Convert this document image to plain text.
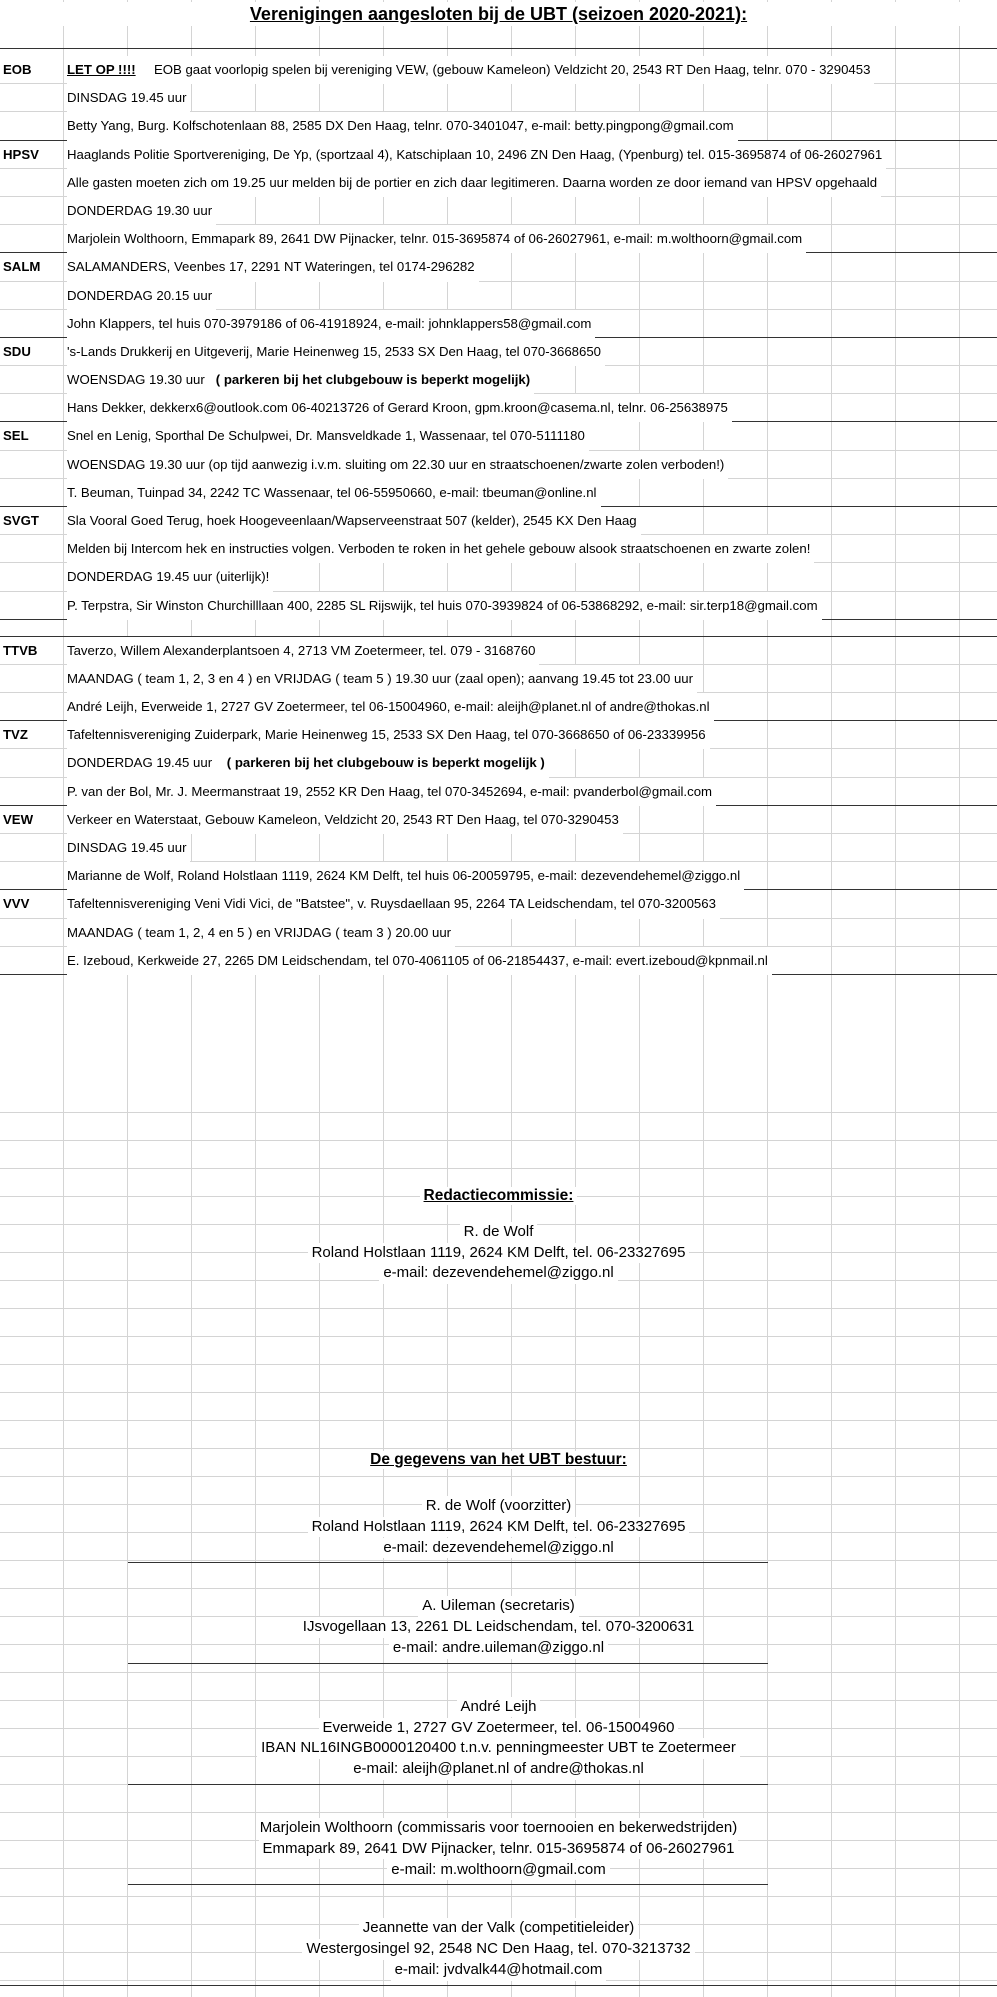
Verenigingen aangesloten bij de UBT (seizoen 2020-2021):
EOB	LET OP !!!! EOB gaat voorlopig spelen bij vereniging VEW, (gebouw Kameleon) Veldzicht 20, 2543 RT Den Haag, telnr. 070 - 3290453
DINSDAG 19.45 uur
Betty Yang, Burg. Kolfschotenlaan 88, 2585 DX Den Haag, telnr. 070-3401047, e-mail: betty.pingpong@gmail.com
HPSV Haaglands Politie Sportvereniging, De Yp, (sportzaal 4), Katschiplaan 10, 2496 ZN Den Haag, (Ypenburg) tel. 015-3695874 of 06-26027961
Alle gasten moeten zich om 19.25 uur melden bij de portier en zich daar legitimeren. Daarna worden ze door iemand van HPSV opgehaald
DONDERDAG 19.30 uur
Marjolein Wolthoorn, Emmapark 89, 2641 DW Pijnacker, telnr. 015-3695874 of 06-26027961, e-mail: m.wolthoorn@gmail.com
SALM SALAMANDERS, Veenbes 17, 2291 NT Wateringen, tel 0174-296282
DONDERDAG 20.15 uur
John Klappers, tel huis 070-3979186 of 06-41918924, e-mail: johnklappers58@gmail.com
SDU	's-Lands Drukkerij en Uitgeverij, Marie Heinenweg 15, 2533 SX Den Haag, tel 070-3668650
WOENSDAG 19.30 uur ( parkeren bij het clubgebouw is beperkt mogelijk)
Hans Dekker, dekkerx6@outlook.com 06-40213726 of Gerard Kroon, gpm.kroon@casema.nl, telnr. 06-25638975
SEL	Snel en Lenig, Sporthal De Schulpwei, Dr. Mansveldkade 1, Wassenaar, tel 070-5111180
WOENSDAG 19.30 uur (op tijd aanwezig i.v.m. sluiting om 22.30 uur en straatschoenen/zwarte zolen verboden!)
T. Beuman, Tuinpad 34, 2242 TC Wassenaar, tel 06-55950660, e-mail: tbeuman@online.nl
SVGT Sla Vooral Goed Terug, hoek Hoogeveenlaan/Wapserveenstraat 507 (kelder), 2545 KX Den Haag
Melden bij Intercom hek en instructies volgen. Verboden te roken in het gehele gebouw alsook straatschoenen en zwarte zolen!
DONDERDAG 19.45 uur (uiterlijk)!
P. Terpstra, Sir Winston Churchilllaan 400, 2285 SL Rijswijk, tel huis 070-3939824 of 06-53868292, e-mail: sir.terp18@gmail.com
TTVB Taverzo, Willem Alexanderplantsoen 4, 2713 VM Zoetermeer, tel. 079 - 3168760
MAANDAG ( team 1, 2, 3 en 4 ) en VRIJDAG ( team 5 ) 19.30 uur (zaal open); aanvang 19.45 tot 23.00 uur
André Leijh, Everweide 1, 2727 GV Zoetermeer, tel 06-15004960, e-mail: aleijh@planet.nl of andre@thokas.nl
TVZ	Tafeltennisvereniging Zuiderpark, Marie Heinenweg 15, 2533 SX Den Haag, tel 070-3668650 of 06-23339956
DONDERDAG 19.45 uur    ( parkeren bij het clubgebouw is beperkt mogelijk )
P. van der Bol, Mr. J. Meermanstraat 19, 2552 KR Den Haag, tel 070-3452694, e-mail: pvanderbol@gmail.com
VEW	Verkeer en Waterstaat, Gebouw Kameleon, Veldzicht 20, 2543 RT Den Haag, tel 070-3290453
DINSDAG 19.45 uur
Marianne de Wolf, Roland Holstlaan 1119, 2624 KM Delft, tel huis 06-20059795, e-mail: dezevendehemel@ziggo.nl
VVV	Tafeltennisvereniging Veni Vidi Vici, de "Batstee", v. Ruysdaellaan 95, 2264 TA Leidschendam, tel 070-3200563
MAANDAG ( team 1, 2, 4 en 5 ) en VRIJDAG ( team 3 ) 20.00 uur
E. Izeboud, Kerkweide 27, 2265 DM Leidschendam, tel 070-4061105 of 06-21854437, e-mail: evert.izeboud@kpnmail.nl
Redactiecommissie:
R. de Wolf
Roland Holstlaan 1119, 2624 KM Delft, tel. 06-23327695
e-mail: dezevendehemel@ziggo.nl
De gegevens van het UBT bestuur:
R. de Wolf (voorzitter)
Roland Holstlaan 1119, 2624 KM Delft, tel. 06-23327695
e-mail: dezevendehemel@ziggo.nl
A. Uileman (secretaris)
IJsvogellaan 13, 2261 DL Leidschendam, tel. 070-3200631
e-mail: andre.uileman@ziggo.nl
André Leijh
Everweide 1, 2727 GV Zoetermeer, tel. 06-15004960
IBAN NL16INGB0000120400 t.n.v. penningmeester UBT te Zoetermeer
e-mail: aleijh@planet.nl of andre@thokas.nl
Marjolein Wolthoorn (commissaris voor toernooien en bekerwedstrijden)
Emmapark 89, 2641 DW Pijnacker, telnr. 015-3695874 of 06-26027961
e-mail: m.wolthoorn@gmail.com
Jeannette van der Valk (competitieleider)
Westergosingel 92, 2548 NC Den Haag, tel. 070-3213732
e-mail: jvdvalk44@hotmail.com
